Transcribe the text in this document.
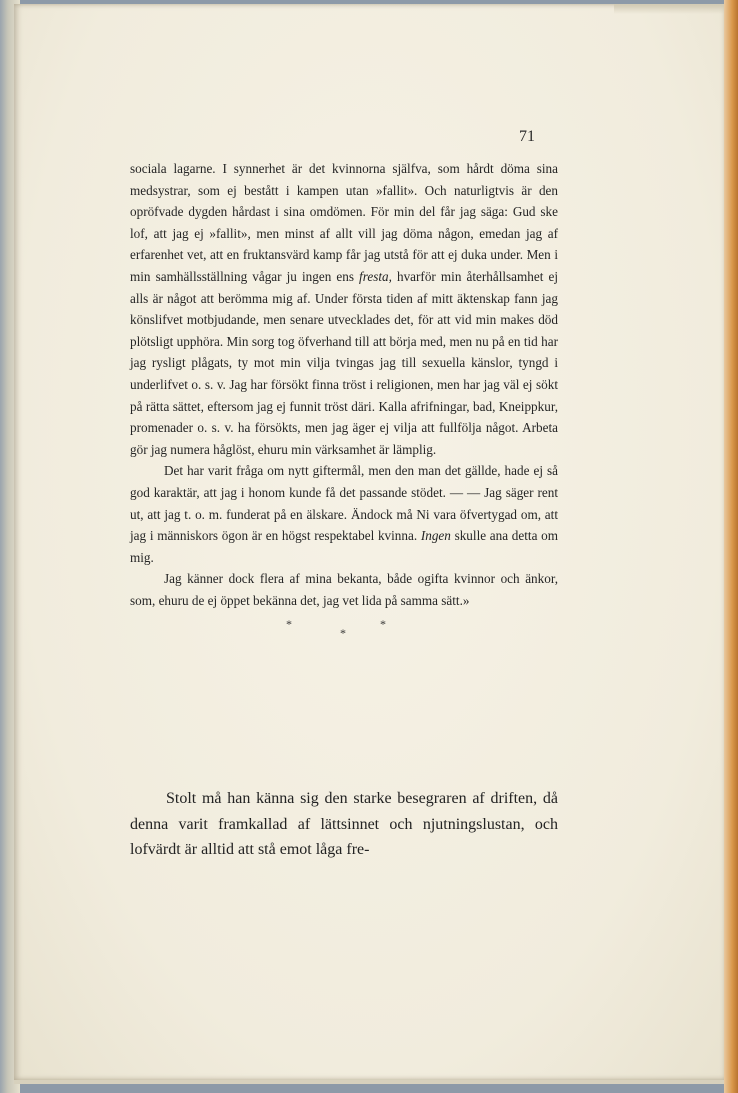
71

sociala lagarne. I synnerhet är det kvinnorna själfva, som hårdt döma sina medsystrar, som ej bestått i kampen utan »fallit». Och naturligtvis är den opröfvade dygden hårdast i sina omdömen. För min del får jag säga: Gud ske lof, att jag ej »fallit», men minst af allt vill jag döma någon, emedan jag af erfarenhet vet, att en fruktansvärd kamp får jag utstå för att ej duka under. Men i min samhällsställning vågar ju ingen ens fresta, hvarför min återhållsamhet ej alls är något att berömma mig af. Under första tiden af mitt äktenskap fann jag könslifvet motbjudande, men senare utvecklades det, för att vid min makes död plötsligt upphöra. Min sorg tog öfverhand till att börja med, men nu på en tid har jag rysligt plågats, ty mot min vilja tvingas jag till sexuella känslor, tyngd i underlifvet o. s. v. Jag har försökt finna tröst i religionen, men har jag väl ej sökt på rätta sättet, eftersom jag ej funnit tröst däri. Kalla afrifningar, bad, Kneippkur, promenader o. s. v. ha försökts, men jag äger ej vilja att fullfölja något. Arbeta gör jag numera håglöst, ehuru min värksamhet är lämplig.

Det har varit fråga om nytt giftermål, men den man det gällde, hade ej så god karaktär, att jag i honom kunde få det passande stödet. — — Jag säger rent ut, att jag t. o. m. funderat på en älskare. Ändock må Ni vara öfvertygad om, att jag i människors ögon är en högst respektabel kvinna. Ingen skulle ana detta om mig.

Jag känner dock flera af mina bekanta, både ogifta kvinnor och änkor, som, ehuru de ej öppet bekänna det, jag vet lida på samma sätt.»

*
*
*

Stolt må han känna sig den starke besegraren af driften, då denna varit framkallad af lättsinnet och njutningslustan, och lofvärdt är alltid att stå emot låga fre-
